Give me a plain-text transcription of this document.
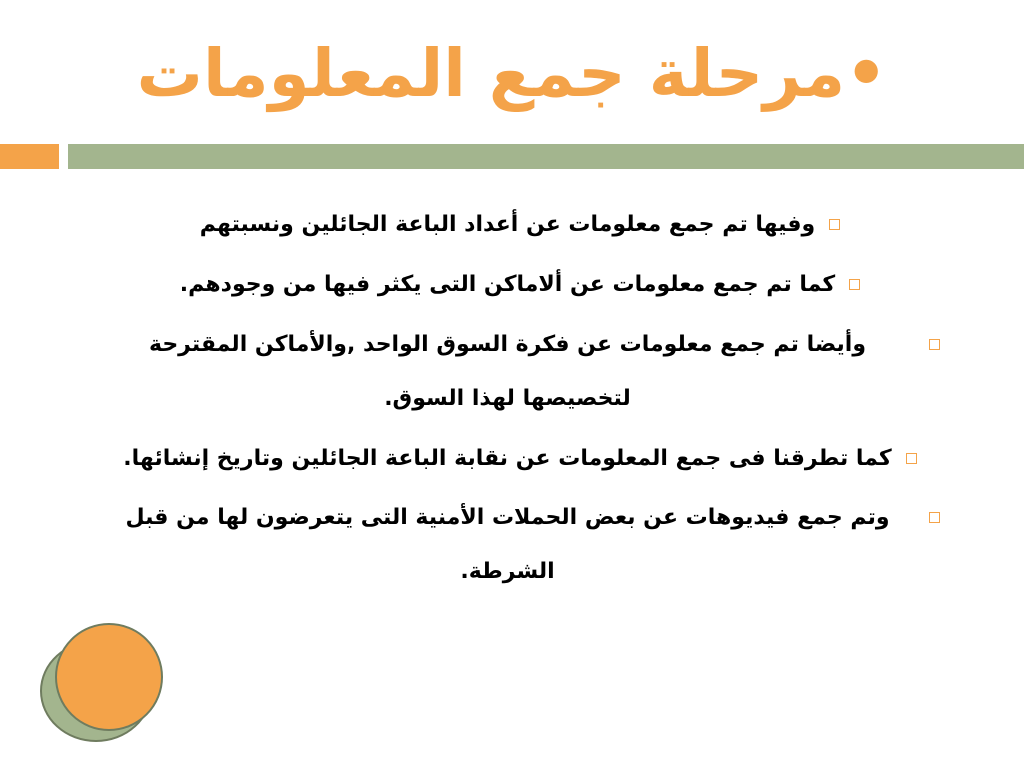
•مرحلة جمع المعلومات
وفيها تم جمع معلومات عن أعداد الباعة الجائلين ونسبتهم
كما تم جمع معلومات عن ألاماكن التى يكثر فيها من وجودهم.
وأيضا تم جمع معلومات عن فكرة السوق الواحد ,والأماكن المقترحة لتخصيصها لهذا السوق.
كما تطرقنا فى جمع المعلومات عن نقابة الباعة الجائلين وتاريخ إنشائها.
وتم جمع فيديوهات عن بعض الحملات الأمنية التى يتعرضون لها من قبل الشرطة.
